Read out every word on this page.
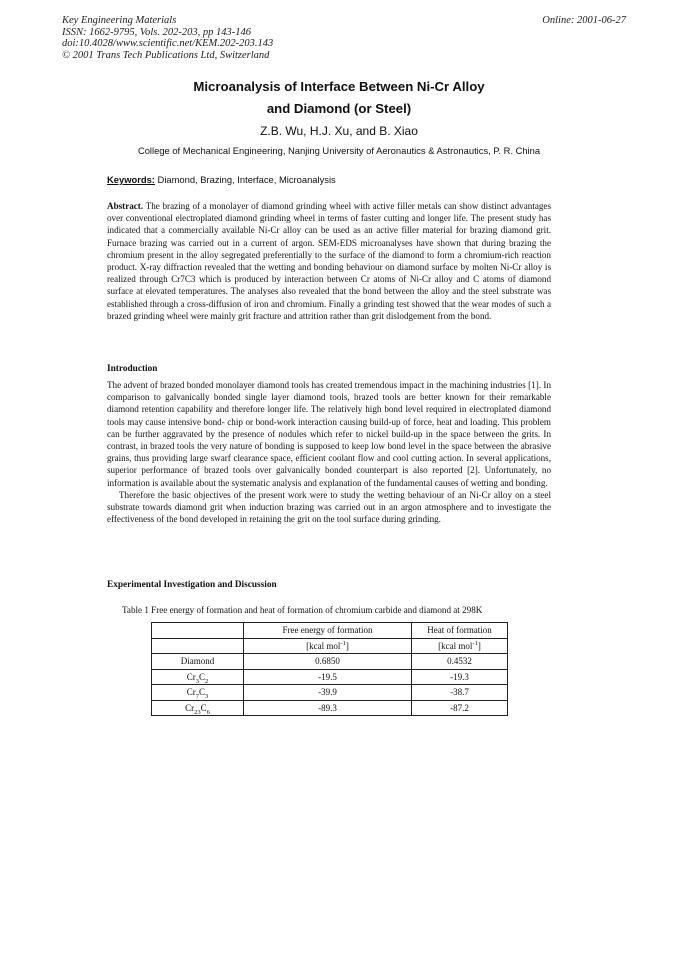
Key Engineering Materials
ISSN: 1662-9795, Vols. 202-203, pp 143-146
doi:10.4028/www.scientific.net/KEM.202-203.143
© 2001 Trans Tech Publications Ltd, Switzerland
Online: 2001-06-27
Microanalysis of Interface Between Ni-Cr Alloy
and Diamond (or Steel)
Z.B. Wu, H.J. Xu, and B. Xiao
College of Mechanical Engineering, Nanjing University of Aeronautics & Astronautics, P. R. China
Keywords: Diamond, Brazing, Interface, Microanalysis

Abstract. The brazing of a monolayer of diamond grinding wheel with active filler metals can show distinct advantages over conventional electroplated diamond grinding wheel in terms of faster cutting and longer life. The present study has indicated that a commercially available Ni-Cr alloy can be used as an active filler material for brazing diamond grit. Furnace brazing was carried out in a current of argon. SEM-EDS microanalyses have shown that during brazing the chromium present in the alloy segregated preferentially to the surface of the diamond to form a chromium-rich reaction product. X-ray diffraction revealed that the wetting and bonding behaviour on diamond surface by molten Ni-Cr alloy is realized through Cr7C3 which is produced by interaction between Cr atoms of Ni-Cr alloy and C atoms of diamond surface at elevated temperatures. The analyses also revealed that the bond between the alloy and the steel substrate was established through a cross-diffusion of iron and chromium. Finally a grinding test showed that the wear modes of such a brazed grinding wheel were mainly grit fracture and attrition rather than grit dislodgement from the bond.

Introduction

The advent of brazed bonded monolayer diamond tools has created tremendous impact in the machining industries [1]. In comparison to galvanically bonded single layer diamond tools, brazed tools are better known for their remarkable diamond retention capability and therefore longer life. The relatively high bond level required in electroplated diamond tools may cause intensive bond- chip or bond-work interaction causing build-up of force, heat and loading. This problem can be further aggravated by the presence of nodules which refer to nickel build-up in the space between the grits. In contrast, in brazed tools the very nature of bonding is supposed to keep low bond level in the space between the abrasive grains, thus providing large swarf clearance space, efficient coolant flow and cool cutting action. In several applications, superior performance of brazed tools over galvanically bonded counterpart is also reported [2]. Unfortunately, no information is available about the systematic analysis and explanation of the fundamental causes of wetting and bonding.

Therefore the basic objectives of the present work were to study the wetting behaviour of an Ni-Cr alloy on a steel substrate towards diamond grit when induction brazing was carried out in an argon atmosphere and to investigate the effectiveness of the bond developed in retaining the grit on the tool surface during grinding.

Experimental Investigation and Discussion
Table 1 Free energy of formation and heat of formation of chromium carbide and diamond at 298K
	Free energy of formation	Heat of formation
	[kcal mol$^{-1}$]	[kcal mol$^{-1}$]
Diamond	0.6850	0.4532
$Cr_3C_2$	-19.5	-19.3
$Cr_7C_3$	-39.9	-38.7
$Cr_{23}C_6$	-89.3	-87.2
